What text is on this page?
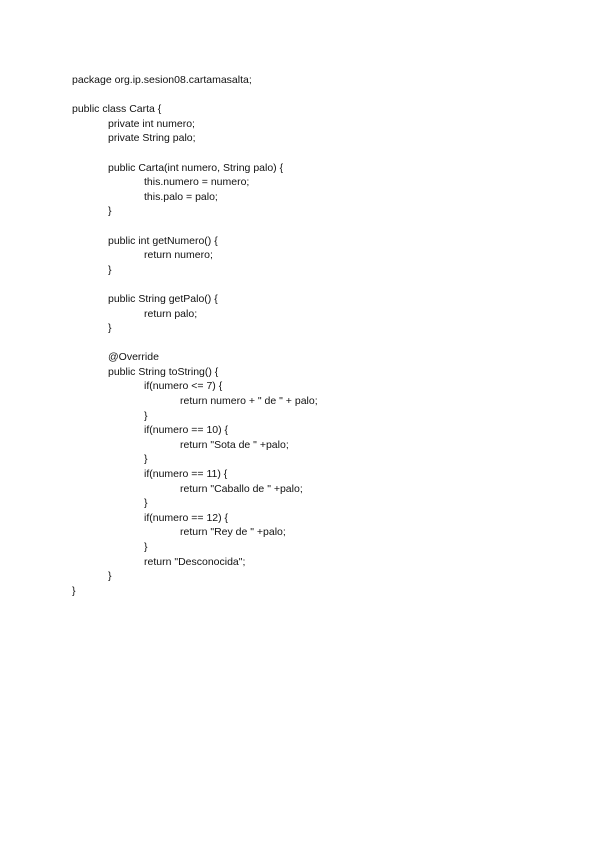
package org.ip.sesion08.cartamasalta;
public class Carta {
private int numero;
private String palo;
public Carta(int numero, String palo) {
this.numero = numero;
this.palo = palo;
}
public int getNumero() {
return numero;
}
public String getPalo() {
return palo;
}
@Override
public String toString() {
if(numero <= 7) {
return numero + " de " + palo;
}
if(numero == 10) {
return "Sota de " +palo;
}
if(numero == 11) {
return "Caballo de " +palo;
}
if(numero == 12) {
return "Rey de " +palo;
}
return "Desconocida";
}
}
